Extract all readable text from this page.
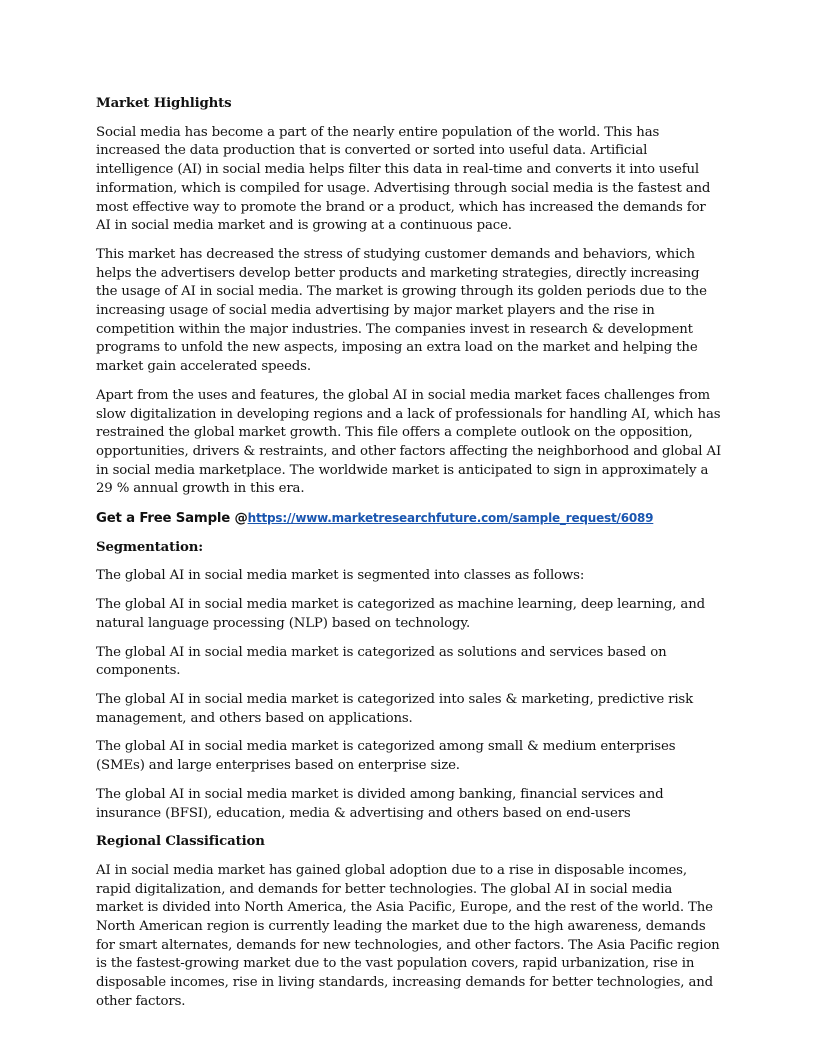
Market Highlights

Social media has become a part of the nearly entire population of the world. This has increased the data production that is converted or sorted into useful data. Artificial intelligence (AI) in social media helps filter this data in real-time and converts it into useful information, which is compiled for usage. Advertising through social media is the fastest and most effective way to promote the brand or a product, which has increased the demands for AI in social media market and is growing at a continuous pace.

This market has decreased the stress of studying customer demands and behaviors, which helps the advertisers develop better products and marketing strategies, directly increasing the usage of AI in social media. The market is growing through its golden periods due to the increasing usage of social media advertising by major market players and the rise in competition within the major industries. The companies invest in research & development programs to unfold the new aspects, imposing an extra load on the market and helping the market gain accelerated speeds.

Apart from the uses and features, the global AI in social media market faces challenges from slow digitalization in developing regions and a lack of professionals for handling AI, which has restrained the global market growth. This file offers a complete outlook on the opposition, opportunities, drivers & restraints, and other factors affecting the neighborhood and global AI in social media marketplace. The worldwide market is anticipated to sign in approximately a 29 % annual growth in this era.

Get a Free Sample @https://www.marketresearchfuture.com/sample_request/6089
Segmentation:

The global AI in social media market is segmented into classes as follows:

The global AI in social media market is categorized as machine learning, deep learning, and natural language processing (NLP) based on technology.

The global AI in social media market is categorized as solutions and services based on components.

The global AI in social media market is categorized into sales & marketing, predictive risk management, and others based on applications.

The global AI in social media market is categorized among small & medium enterprises (SMEs) and large enterprises based on enterprise size.

The global AI in social media market is divided among banking, financial services and insurance (BFSI), education, media & advertising and others based on end-users

Regional Classification

AI in social media market has gained global adoption due to a rise in disposable incomes, rapid digitalization, and demands for better technologies. The global AI in social media market is divided into North America, the Asia Pacific, Europe, and the rest of the world. The North American region is currently leading the market due to the high awareness, demands for smart alternates, demands for new technologies, and other factors. The Asia Pacific region is the fastest-growing market due to the vast population covers, rapid urbanization, rise in disposable incomes, rise in living standards, increasing demands for better technologies, and other factors.
